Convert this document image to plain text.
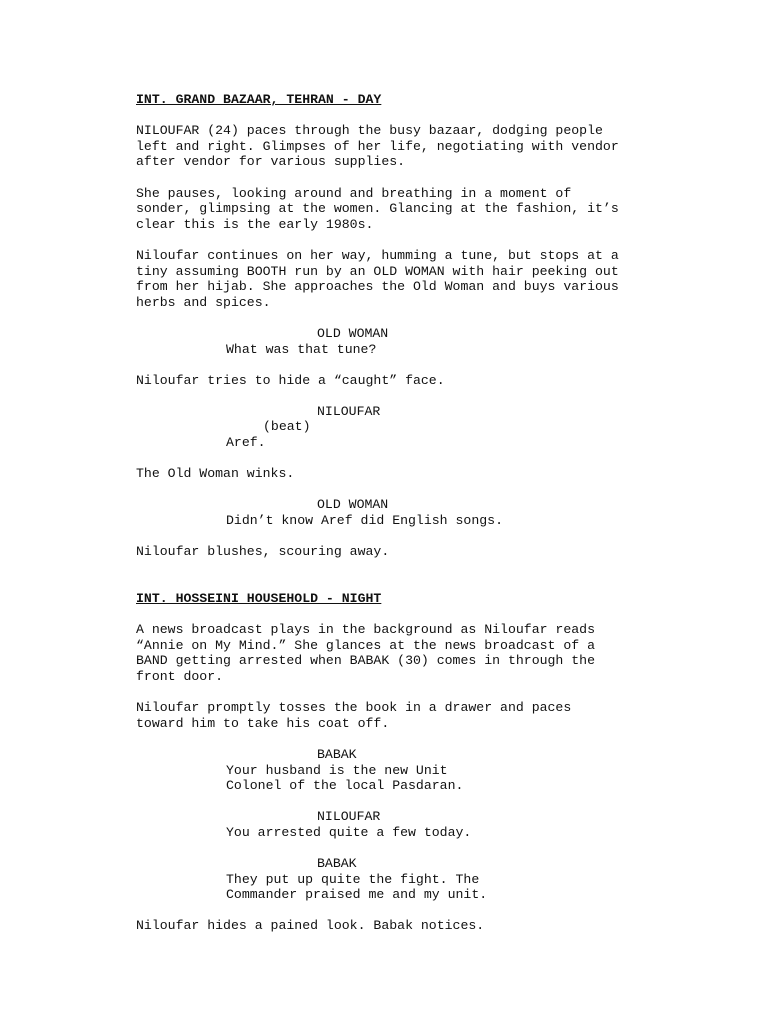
INT. GRAND BAZAAR, TEHRAN - DAY

NILOUFAR (24) paces through the busy bazaar, dodging people
left and right. Glimpses of her life, negotiating with vendor
after vendor for various supplies.

She pauses, looking around and breathing in a moment of
sonder, glimpsing at the women. Glancing at the fashion, it’s
clear this is the early 1980s.

Niloufar continues on her way, humming a tune, but stops at a
tiny assuming BOOTH run by an OLD WOMAN with hair peeking out
from her hijab. She approaches the Old Woman and buys various
herbs and spices.

OLD WOMAN

What was that tune?

Niloufar tries to hide a “caught” face.

NILOUFAR

(beat)

Aref.

The Old Woman winks.

OLD WOMAN

Didn’t know Aref did English songs.

Niloufar blushes, scouring away.

INT. HOSSEINI HOUSEHOLD - NIGHT

A news broadcast plays in the background as Niloufar reads
“Annie on My Mind.” She glances at the news broadcast of a
BAND getting arrested when BABAK (30) comes in through the
front door.

Niloufar promptly tosses the book in a drawer and paces
toward him to take his coat off.

BABAK

Your husband is the new Unit
Colonel of the local Pasdaran.

NILOUFAR

You arrested quite a few today.

BABAK

They put up quite the fight. The
Commander praised me and my unit.

Niloufar hides a pained look. Babak notices.
